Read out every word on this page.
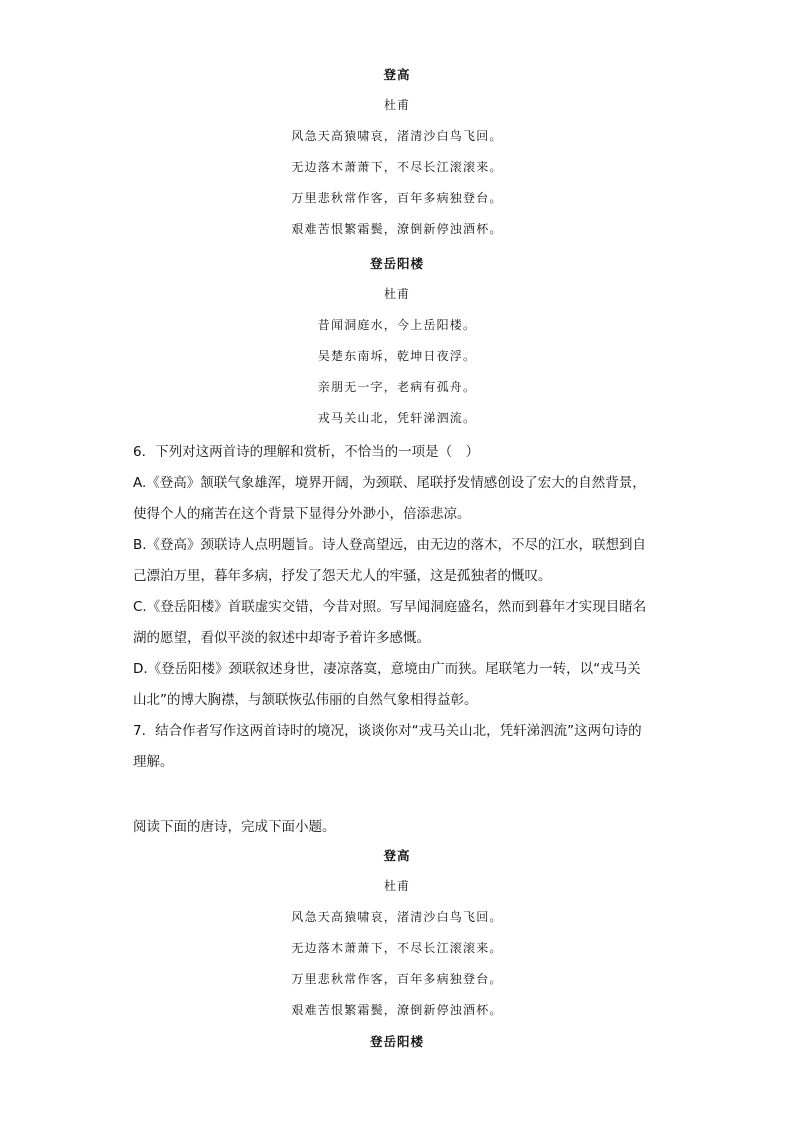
登高
杜甫
风急天高猿啸哀，渚清沙白鸟飞回。
无边落木萧萧下，不尽长江滚滚来。
万里悲秋常作客，百年多病独登台。
艰难苦恨繁霜鬓，潦倒新停浊酒杯。
登岳阳楼
杜甫
昔闻洞庭水，今上岳阳楼。
吴楚东南坼，乾坤日夜浮。
亲朋无一字，老病有孤舟。
戎马关山北，凭轩涕泗流。

6．下列对这两首诗的理解和赏析，不恰当的一项是（　）

A.《登高》颔联气象雄浑，境界开阔，为颈联、尾联抒发情感创设了宏大的自然背景，

使得个人的痛苦在这个背景下显得分外渺小，倍添悲凉。

B.《登高》颈联诗人点明题旨。诗人登高望远，由无边的落木，不尽的江水，联想到自

己漂泊万里，暮年多病，抒发了怨天尤人的牢骚，这是孤独者的慨叹。

C.《登岳阳楼》首联虚实交错，今昔对照。写早闻洞庭盛名，然而到暮年才实现目睹名

湖的愿望，看似平淡的叙述中却寄予着许多感慨。

D.《登岳阳楼》颈联叙述身世，凄凉落寞，意境由广而狭。尾联笔力一转，以“戎马关

山北”的博大胸襟，与颔联恢弘伟丽的自然气象相得益彰。

7．结合作者写作这两首诗时的境况，谈谈你对“戎马关山北，凭轩涕泗流”这两句诗的

理解。

阅读下面的唐诗，完成下面小题。
登高
杜甫
风急天高猿啸哀，渚清沙白鸟飞回。
无边落木萧萧下，不尽长江滚滚来。
万里悲秋常作客，百年多病独登台。
艰难苦恨繁霜鬓，潦倒新停浊酒杯。
登岳阳楼
